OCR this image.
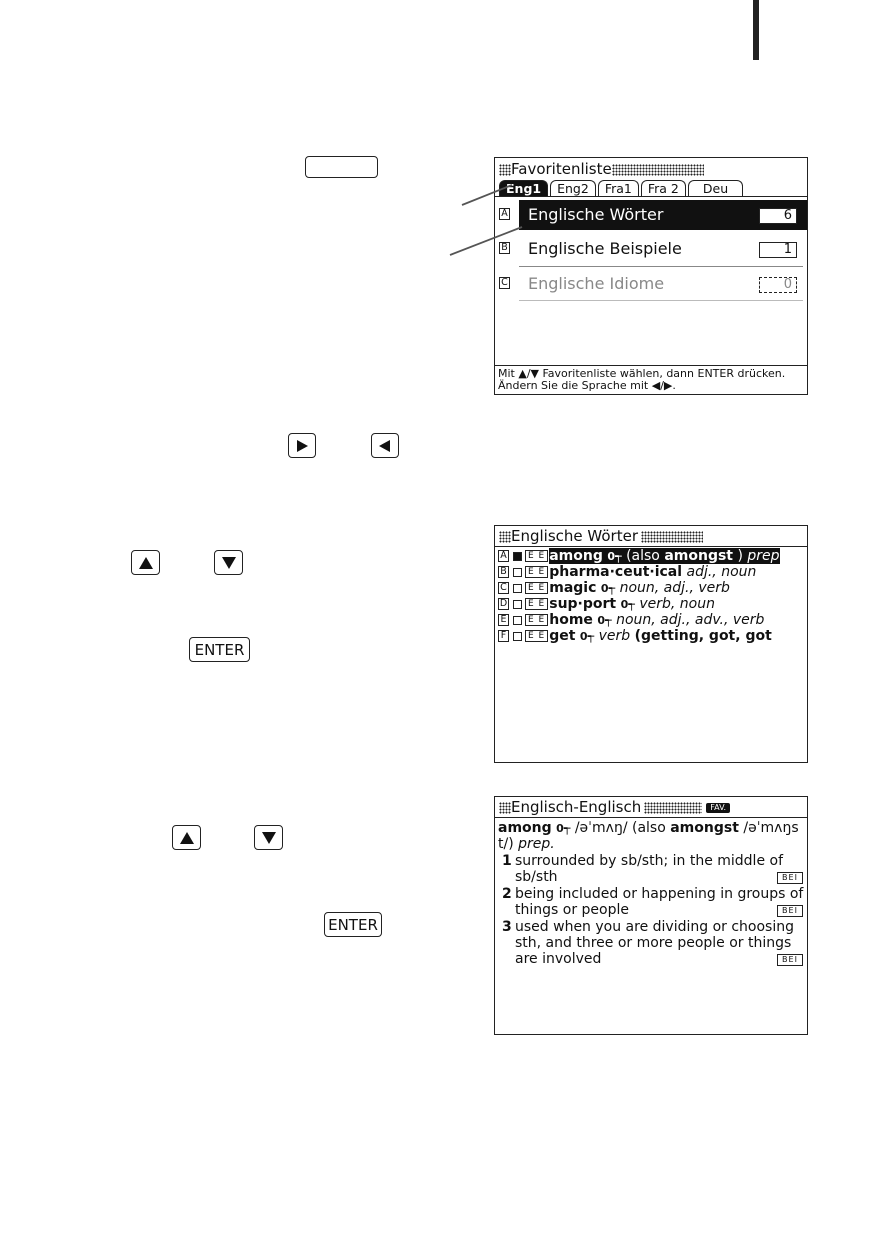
Favoritenliste
Eng1	Eng2	Fra1	Fra 2	Deu
A	Englische Wörter	6
B	Englische Beispiele	1
C	Englische Idiome	0
Mit ▲/▼ Favoritenliste wählen, dann ENTER drücken.
Ändern Sie die Sprache mit ◀/▶.
ENTER
Englische Wörter
A E E among 0┭ (also amongst ) prep
B E E pharma·ceut·ical adj., noun
C E E magic 0┭ noun, adj., verb
D E E sup·port 0┭ verb, noun
E E E home 0┭ noun, adj., adv., verb
F E E get 0┭ verb (getting, got, got
ENTER
Englisch-Englisch	FAV.
among 0┭ /əˈmʌŋ/ (also amongst /əˈmʌŋs
t/) prep.
1 surrounded by sb/sth; in the middle of
sb/sth	BEI
2 being included or happening in groups of
things or people	BEI
3 used when you are dividing or choosing
sth, and three or more people or things
are involved	BEI
